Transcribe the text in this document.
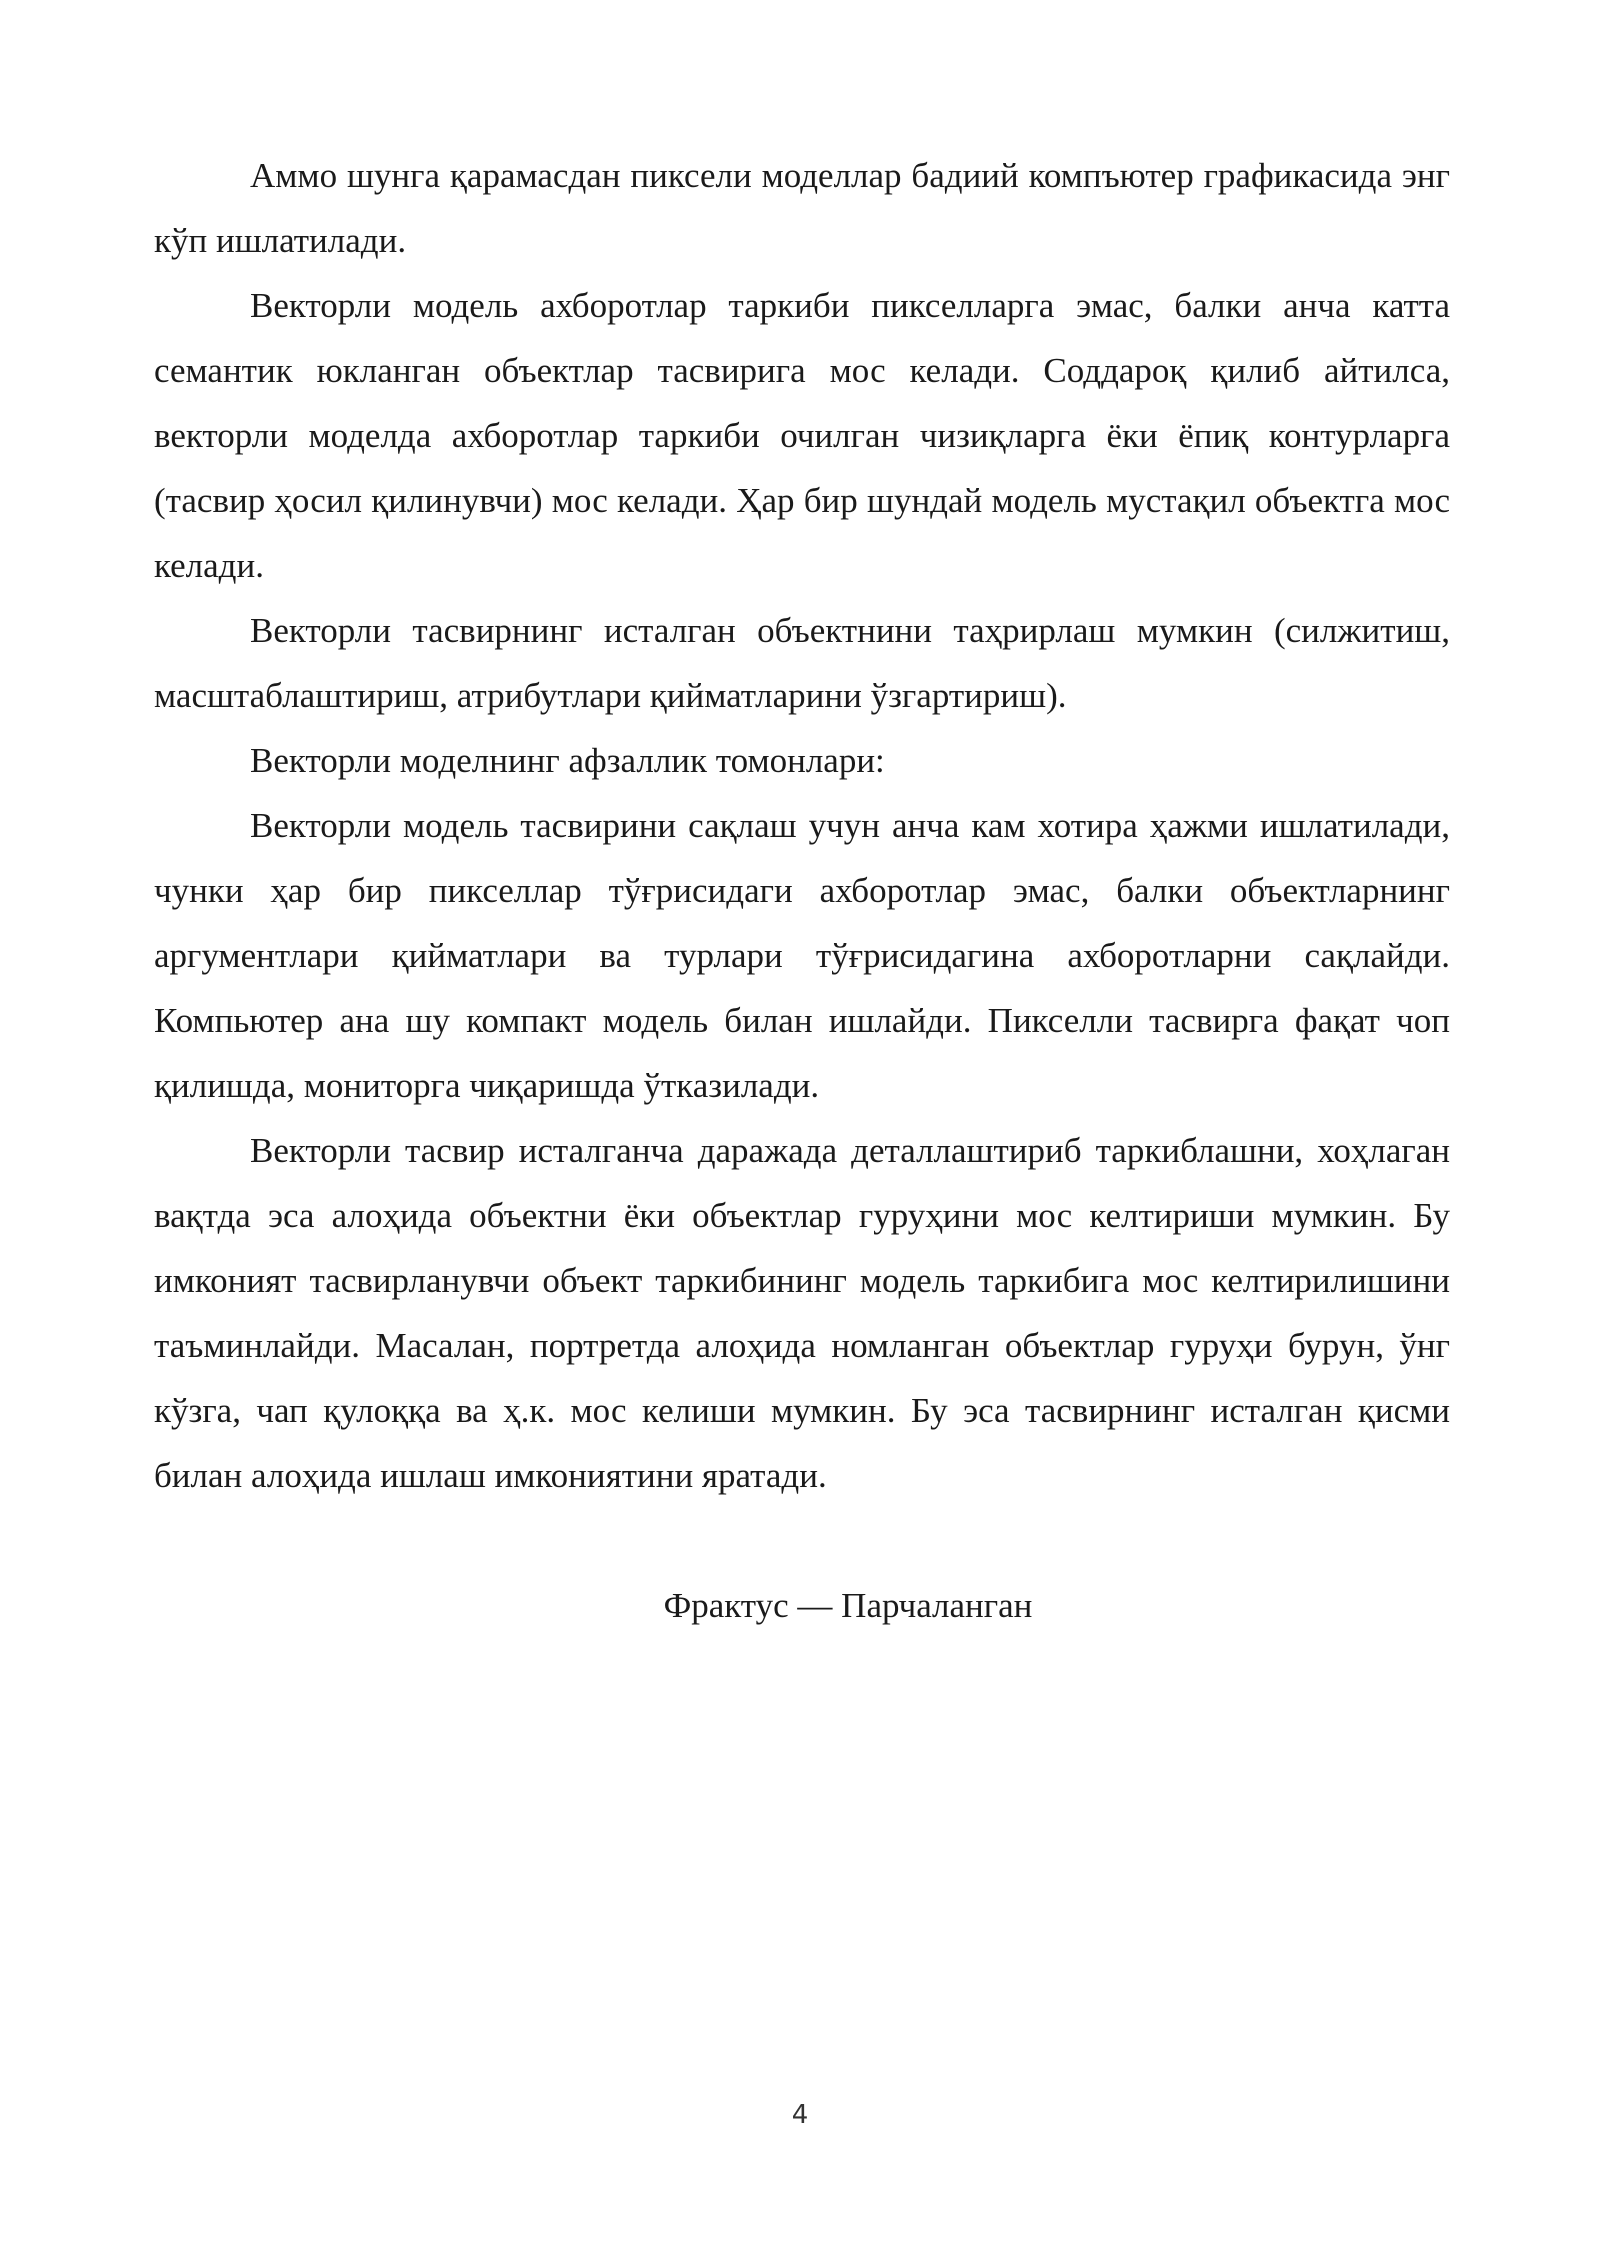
Аммо шунга қарамасдан пиксели моделлар бадиий компъютер графикасида энг кўп ишлатилади.

Векторли модель ахборотлар таркиби пикселларга эмас, балки анча катта семантик юкланган объектлар тасвирига мос келади. Соддароқ қилиб айтилса, векторли моделда ахборотлар таркиби очилган чизиқларга ёки ёпиқ контурларга (тасвир ҳосил қилинувчи) мос келади. Ҳар бир шундай модель мустақил объектга мос келади.

Векторли тасвирнинг исталган объектнини таҳрирлаш мумкин (силжитиш, масштаблаштириш, атрибутлари қийматларини ўзгартириш).

Векторли моделнинг афзаллик томонлари:

Векторли модель тасвирини сақлаш учун анча кам хотира ҳажми ишлатилади, чунки ҳар бир пикселлар тўғрисидаги ахборотлар эмас, балки объектларнинг аргументлари қийматлари ва турлари тўғрисидагина ахборотларни сақлайди. Компьютер ана шу компакт модель билан ишлайди. Пикселли тасвирга фақат чоп қилишда, мониторга чиқаришда ўтказилади.

Векторли тасвир исталганча даражада деталлаштириб таркиблашни, хоҳлаган вақтда эса алоҳида объектни ёки объектлар гуруҳини мос келтириши мумкин. Бу имконият тасвирланувчи объект таркибининг модель таркибига мос келтирилишини таъминлайди. Масалан, портретда алоҳида номланган объектлар гуруҳи бурун, ўнг кўзга, чап қулоққа ва ҳ.к. мос келиши мумкин. Бу эса тасвирнинг исталган қисми билан алоҳида ишлаш имкониятини яратади.

Фрактус — Парчаланган
4
